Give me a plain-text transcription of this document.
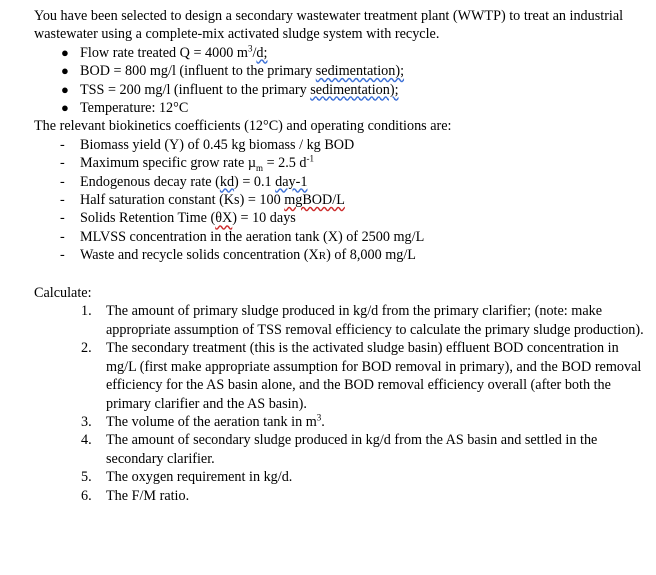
You have been selected to design a secondary wastewater treatment plant (WWTP) to treat an industrial wastewater using a complete-mix activated sludge system with recycle.

● Flow rate treated Q = 4000 $m^3/d$;
● BOD = 800 mg/l (influent to the primary sedimentation);
● TSS = 200 mg/l (influent to the primary sedimentation);
● Temperature: 12°C

The relevant biokinetics coefficients (12°C) and operating conditions are:

- Biomass yield (Y) of 0.45 kg biomass / kg BOD
- Maximum specific grow rate µ$_m$ = 2.5 $d^{-1}$
- Endogenous decay rate (kd) = 0.1 day-1
- Half saturation constant (Ks) = 100 mgBOD/L
- Solids Retention Time (θX) = 10 days
- MLVSS concentration in the aeration tank (X) of 2500 mg/L
- Waste and recycle solids concentration (XR) of 8,000 mg/L

Calculate:

1. The amount of primary sludge produced in kg/d from the primary clarifier; (note: make appropriate assumption of TSS removal efficiency to calculate the primary sludge production).
2. The secondary treatment (this is the activated sludge basin) effluent BOD concentration in mg/L (first make appropriate assumption for BOD removal in primary), and the BOD removal efficiency for the AS basin alone, and the BOD removal efficiency overall (after both the primary clarifier and the AS basin).
3. The volume of the aeration tank in $m^3$.
4. The amount of secondary sludge produced in kg/d from the AS basin and settled in the secondary clarifier.
5. The oxygen requirement in kg/d.
6. The F/M ratio.
